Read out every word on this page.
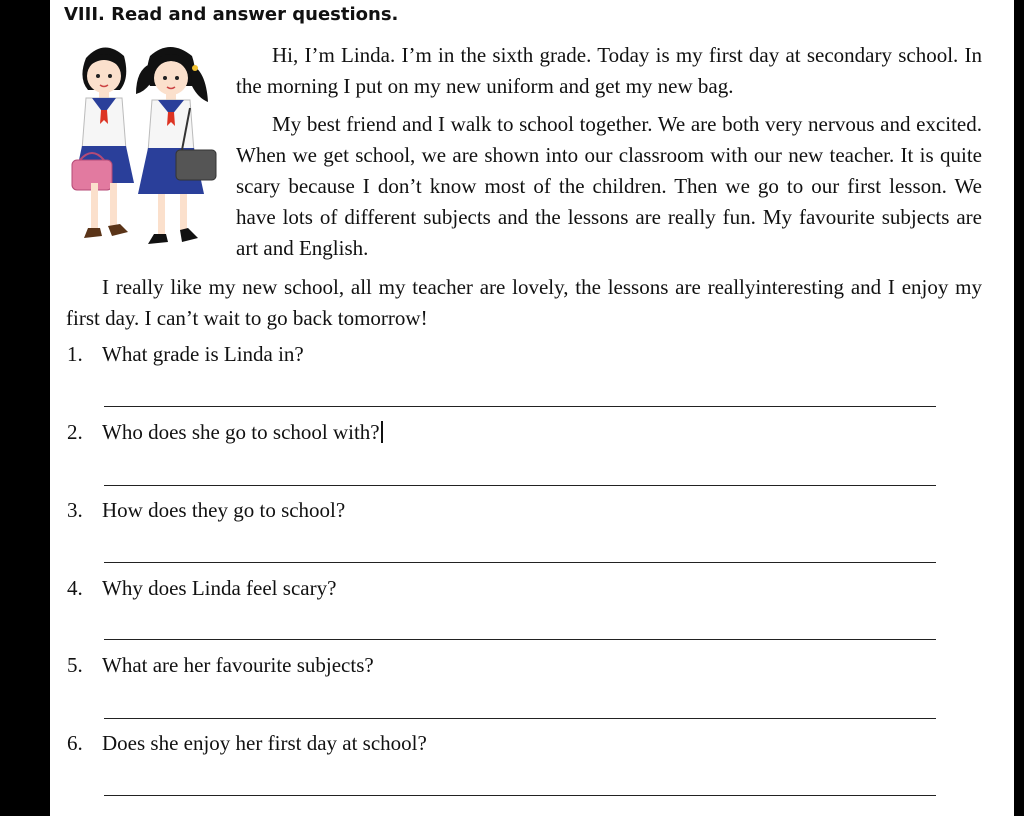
VIII. Read and answer questions.
Hi, I’m Linda. I’m in the sixth grade. Today is my first day at secondary school. In the morning I put on my new uniform and get my new bag.
My best friend and I walk to school together. We are both very nervous and excited. When we get school, we are shown into our classroom with our new teacher. It is quite scary because I don’t know most of the children. Then we go to our first lesson. We have lots of different subjects and the lessons are really fun. My favourite subjects are art and English.
I really like my new school, all my teacher are lovely, the lessons are reallyinteresting and I enjoy my first day. I can’t wait to go back tomorrow!
1. What grade is Linda in?
2. Who does she go to school with?
3. How does they go to school?
4. Why does Linda feel scary?
5. What are her favourite subjects?
6. Does she enjoy her first day at school?
